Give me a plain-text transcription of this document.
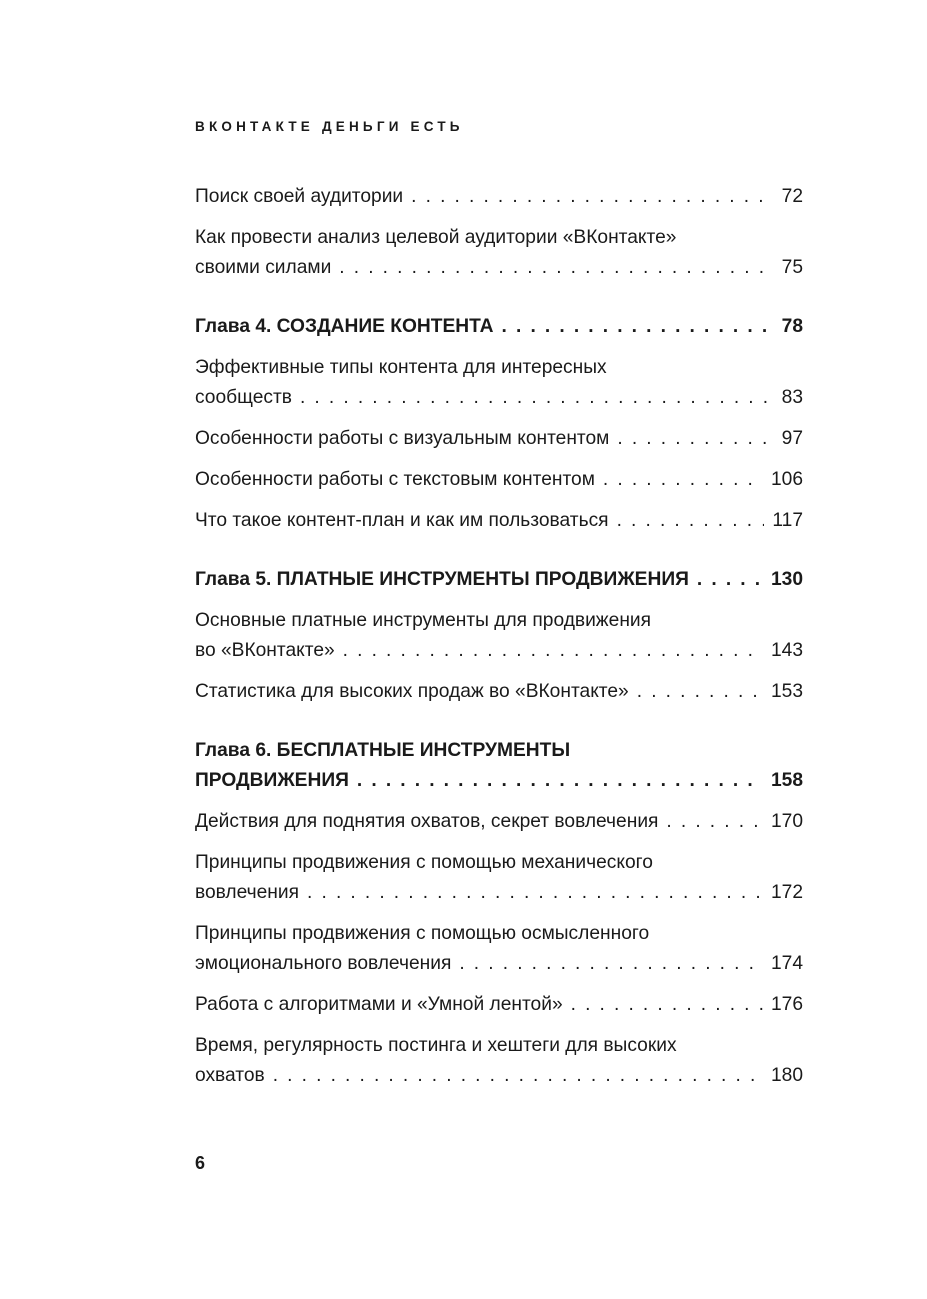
ВКОНТАКТЕ ДЕНЬГИ ЕСТЬ
Поиск своей аудитории . . .	72
Как провести анализ целевой аудитории «ВКонтакте»
своими силами . . .	75
Глава 4. СОЗДАНИЕ КОНТЕНТА . . .	78
Эффективные типы контента для интересных
сообществ . . .	83
Особенности работы с визуальным контентом . . .	97
Особенности работы с текстовым контентом . . .	106
Что такое контент-план и как им пользоваться . . .	117
Глава 5. ПЛАТНЫЕ ИНСТРУМЕНТЫ ПРОДВИЖЕНИЯ . . .	130
Основные платные инструменты для продвижения
во «ВКонтакте» . . .	143
Статистика для высоких продаж во «ВКонтакте» . . .	153
Глава 6. БЕСПЛАТНЫЕ ИНСТРУМЕНТЫ
ПРОДВИЖЕНИЯ . . .	158
Действия для поднятия охватов, секрет вовлечения . . .	170
Принципы продвижения с помощью механического
вовлечения . . .	172
Принципы продвижения с помощью осмысленного
эмоционального вовлечения . . .	174
Работа с алгоритмами и «Умной лентой» . . .	176
Время, регулярность постинга и хештеги для высоких
охватов . . .	180
6
